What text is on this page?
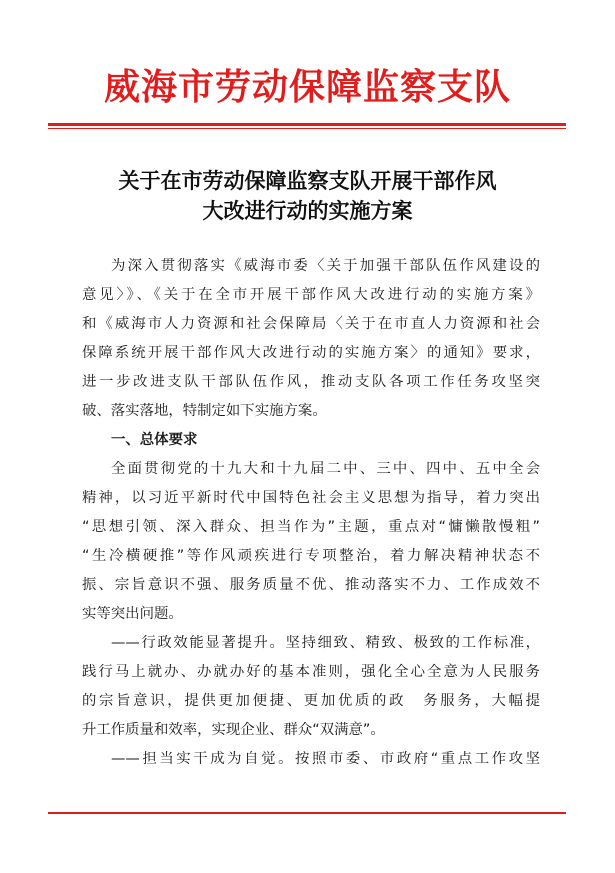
威海市劳动保障监察支队
关于在市劳动保障监察支队开展干部作风
大改进行动的实施方案
为深入贯彻落实《威海市委〈关于加强干部队伍作风建设的
意见〉》、《关于在全市开展干部作风大改进行动的实施方案》
和《威海市人力资源和社会保障局〈关于在市直人力资源和社会
保障系统开展干部作风大改进行动的实施方案〉的通知》要求，
进一步改进支队干部队伍作风，推动支队各项工作任务攻坚突
破、落实落地，特制定如下实施方案。
一、总体要求
全面贯彻党的十九大和十九届二中、三中、四中、五中全会
精神，以习近平新时代中国特色社会主义思想为指导，着力突出
“思想引领、深入群众、担当作为”主题，重点对“慵懒散慢粗”
“生冷横硬推”等作风顽疾进行专项整治，着力解决精神状态不
振、宗旨意识不强、服务质量不优、推动落实不力、工作成效不
实等突出问题。
——行政效能显著提升。坚持细致、精致、极致的工作标准，
践行马上就办、办就办好的基本准则，强化全心全意为人民服务
的宗旨意识，提供更加便捷、更加优质的政　务服务，大幅提
升工作质量和效率，实现企业、群众“双满意”。
——担当实干成为自觉。按照市委、市政府“重点工作攻坚
